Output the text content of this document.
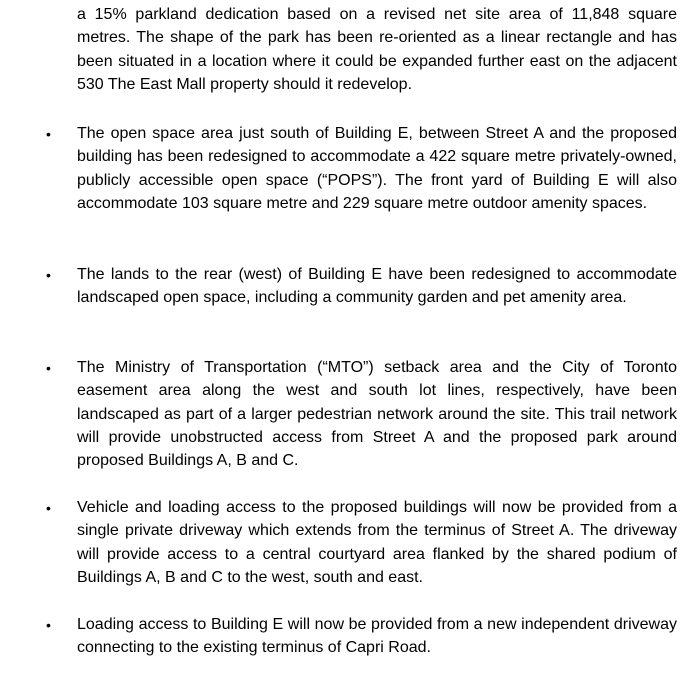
a 15% parkland dedication based on a revised net site area of 11,848 square metres. The shape of the park has been re-oriented as a linear rectangle and has been situated in a location where it could be expanded further east on the adjacent 530 The East Mall property should it redevelop.

• The open space area just south of Building E, between Street A and the proposed building has been redesigned to accommodate a 422 square metre privately-owned, publicly accessible open space (“POPS”). The front yard of Building E will also accommodate 103 square metre and 229 square metre outdoor amenity spaces.

• The lands to the rear (west) of Building E have been redesigned to accommodate landscaped open space, including a community garden and pet amenity area.

• The Ministry of Transportation (“MTO”) setback area and the City of Toronto easement area along the west and south lot lines, respectively, have been landscaped as part of a larger pedestrian network around the site. This trail network will provide unobstructed access from Street A and the proposed park around proposed Buildings A, B and C.

• Vehicle and loading access to the proposed buildings will now be provided from a single private driveway which extends from the terminus of Street A. The driveway will provide access to a central courtyard area flanked by the shared podium of Buildings A, B and C to the west, south and east.

• Loading access to Building E will now be provided from a new independent driveway connecting to the existing terminus of Capri Road.
